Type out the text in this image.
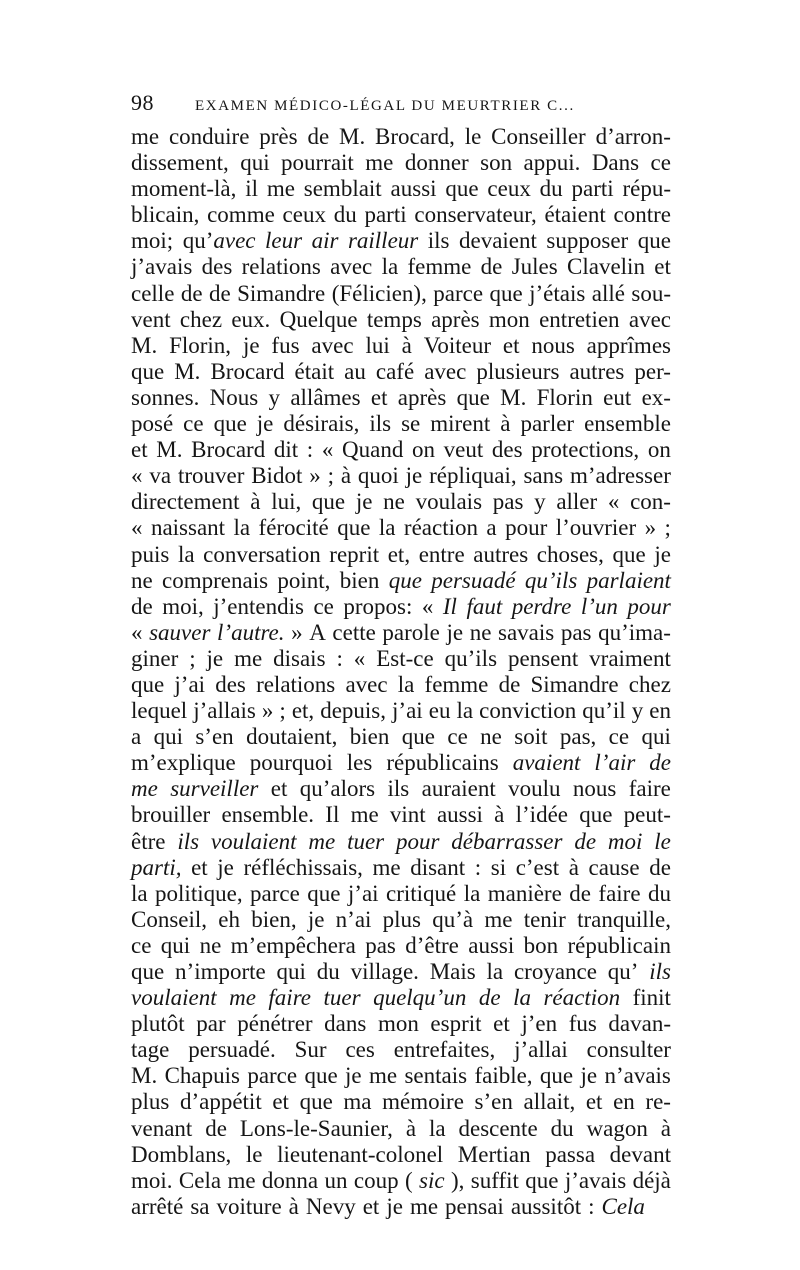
98	EXAMEN MÉDICO-LÉGAL DU MEURTRIER C...
me conduire près de M. Brocard, le Conseiller d’arron-
dissement, qui pourrait me donner son appui. Dans ce
moment-là, il me semblait aussi que ceux du parti répu-
blicain, comme ceux du parti conservateur, étaient contre
moi; qu’avec leur air railleur ils devaient supposer que
j’avais des relations avec la femme de Jules Clavelin et
celle de de Simandre (Félicien), parce que j’étais allé sou-
vent chez eux. Quelque temps après mon entretien avec
M. Florin, je fus avec lui à Voiteur et nous apprîmes
que M. Brocard était au café avec plusieurs autres per-
sonnes. Nous y allâmes et après que M. Florin eut ex-
posé ce que je désirais, ils se mirent à parler ensemble
et M. Brocard dit : « Quand on veut des protections, on
« va trouver Bidot » ; à quoi je répliquai, sans m’adresser
directement à lui, que je ne voulais pas y aller « con-
« naissant la férocité que la réaction a pour l’ouvrier » ;
puis la conversation reprit et, entre autres choses, que je
ne comprenais point, bien que persuadé qu’ils parlaient
de moi, j’entendis ce propos: « Il faut perdre l’un pour
« sauver l’autre. » A cette parole je ne savais pas qu’ima-
giner ; je me disais : « Est-ce qu’ils pensent vraiment
que j’ai des relations avec la femme de Simandre chez
lequel j’allais » ; et, depuis, j’ai eu la conviction qu’il y en
a qui s’en doutaient, bien que ce ne soit pas, ce qui
m’explique pourquoi les républicains avaient l’air de
me surveiller et qu’alors ils auraient voulu nous faire
brouiller ensemble. Il me vint aussi à l’idée que peut-
être ils voulaient me tuer pour débarrasser de moi le
parti, et je réfléchissais, me disant : si c’est à cause de
la politique, parce que j’ai critiqué la manière de faire du
Conseil, eh bien, je n’ai plus qu’à me tenir tranquille,
ce qui ne m’empêchera pas d’être aussi bon républicain
que n’importe qui du village. Mais la croyance qu’ ils
voulaient me faire tuer quelqu’un de la réaction finit
plutôt par pénétrer dans mon esprit et j’en fus davan-
tage persuadé. Sur ces entrefaites, j’allai consulter
M. Chapuis parce que je me sentais faible, que je n’avais
plus d’appétit et que ma mémoire s’en allait, et en re-
venant de Lons-le-Saunier, à la descente du wagon à
Domblans, le lieutenant-colonel Mertian passa devant
moi. Cela me donna un coup ( sic ), suffit que j’avais déjà
arrêté sa voiture à Nevy et je me pensai aussitôt : Cela
